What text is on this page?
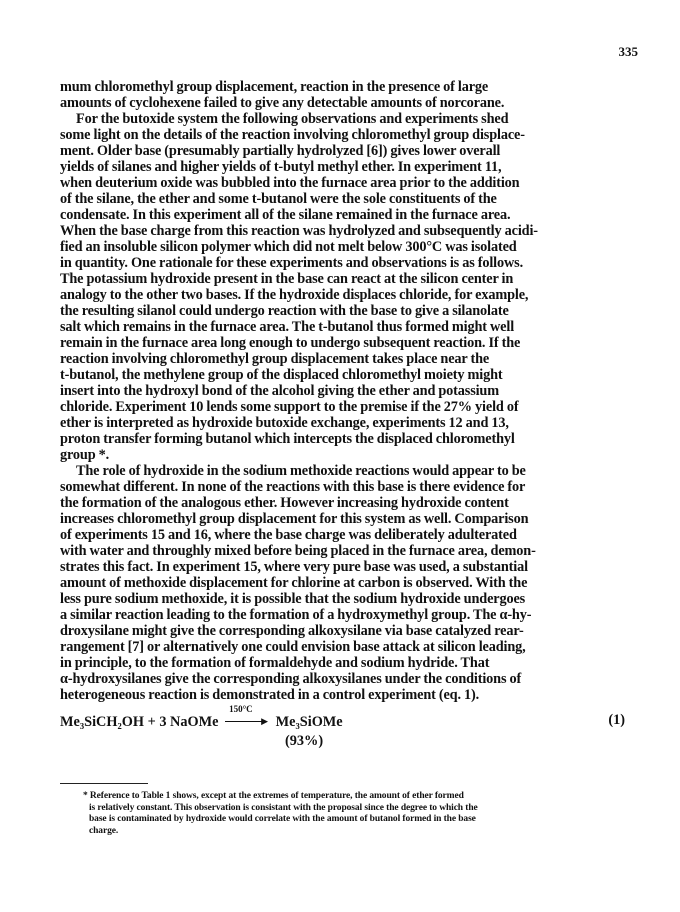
335
mum chloromethyl group displacement, reaction in the presence of large
amounts of cyclohexene failed to give any detectable amounts of norcorane.
For the butoxide system the following observations and experiments shed
some light on the details of the reaction involving chloromethyl group displace-
ment. Older base (presumably partially hydrolyzed [6]) gives lower overall
yields of silanes and higher yields of t-butyl methyl ether. In experiment 11,
when deuterium oxide was bubbled into the furnace area prior to the addition
of the silane, the ether and some t-butanol were the sole constituents of the
condensate. In this experiment all of the silane remained in the furnace area.
When the base charge from this reaction was hydrolyzed and subsequently acidi-
fied an insoluble silicon polymer which did not melt below 300°C was isolated
in quantity. One rationale for these experiments and observations is as follows.
The potassium hydroxide present in the base can react at the silicon center in
analogy to the other two bases. If the hydroxide displaces chloride, for example,
the resulting silanol could undergo reaction with the base to give a silanolate
salt which remains in the furnace area. The t-butanol thus formed might well
remain in the furnace area long enough to undergo subsequent reaction. If the
reaction involving chloromethyl group displacement takes place near the
t-butanol, the methylene group of the displaced chloromethyl moiety might
insert into the hydroxyl bond of the alcohol giving the ether and potassium
chloride. Experiment 10 lends some support to the premise if the 27% yield of
ether is interpreted as hydroxide butoxide exchange, experiments 12 and 13,
proton transfer forming butanol which intercepts the displaced chloromethyl
group *.
The role of hydroxide in the sodium methoxide reactions would appear to be
somewhat different. In none of the reactions with this base is there evidence for
the formation of the analogous ether. However increasing hydroxide content
increases chloromethyl group displacement for this system as well. Comparison
of experiments 15 and 16, where the base charge was deliberately adulterated
with water and throughly mixed before being placed in the furnace area, demon-
strates this fact. In experiment 15, where very pure base was used, a substantial
amount of methoxide displacement for chlorine at carbon is observed. With the
less pure sodium methoxide, it is possible that the sodium hydroxide undergoes
a similar reaction leading to the formation of a hydroxymethyl group. The α-hy-
droxysilane might give the corresponding alkoxysilane via base catalyzed rear-
rangement [7] or alternatively one could envision base attack at silicon leading,
in principle, to the formation of formaldehyde and sodium hydride. That
α-hydroxysilanes give the corresponding alkoxysilanes under the conditions of
heterogeneous reaction is demonstrated in a control experiment (eq. 1).
Me₃SiCH₂OH + 3 NaOMe
150°C
▶ Me₃SiOMe	(1)
(93%)
* Reference to Table 1 shows, except at the extremes of temperature, the amount of ether formed
is relatively constant. This observation is consistant with the proposal since the degree to which the
base is contaminated by hydroxide would correlate with the amount of butanol formed in the base
charge.
